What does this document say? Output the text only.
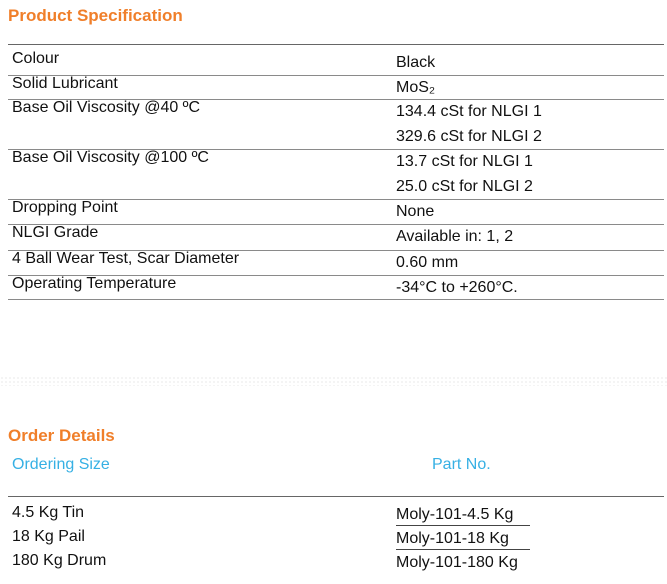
Product Specification
Colour	Black
Solid Lubricant	MoS₂
Base Oil Viscosity @40 ºC	134.4 cSt for NLGI 1
329.6 cSt for NLGI 2
Base Oil Viscosity @100 ºC	13.7 cSt for NLGI 1
25.0 cSt for NLGI 2
Dropping Point	None
NLGI Grade	Available in: 1, 2
4 Ball Wear Test, Scar Diameter	0.60 mm
Operating Temperature	-34°C to +260°C.
Order Details
Ordering Size	Part No.
4.5 Kg Tin	Moly-101-4.5 Kg
18 Kg Pail	Moly-101-18 Kg
180 Kg Drum	Moly-101-180 Kg
